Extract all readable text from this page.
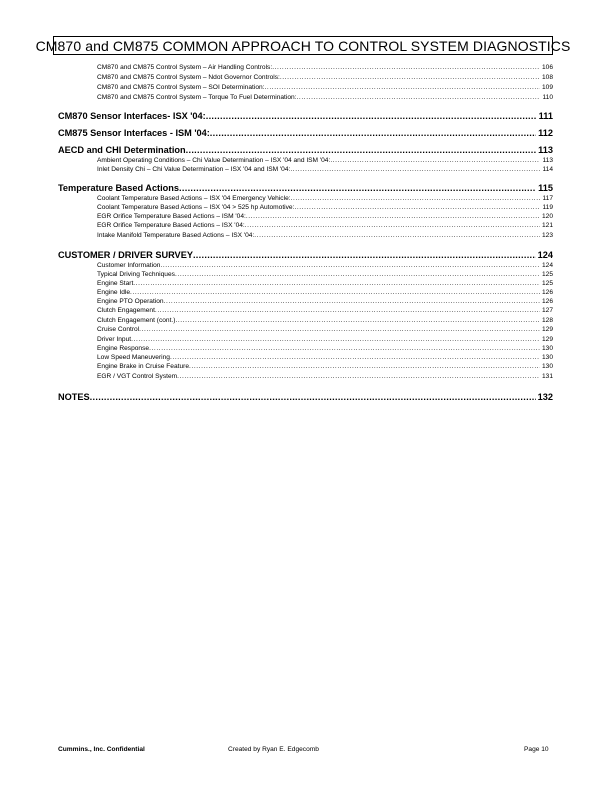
CM870 and CM875 COMMON APPROACH TO CONTROL SYSTEM DIAGNOSTICS
CM870 and CM875 Control System – Air Handling Controls: .....	106
CM870 and CM875 Control System – Ndot Governor Controls: .....	108
CM870 and CM875 Control System – SOI Determination: .....	109
CM870 and CM875 Control System – Torque To Fuel Determination: .....	110
CM870 Sensor Interfaces- ISX '04: .....	111
CM875 Sensor Interfaces - ISM '04: .....	112
AECD and CHI Determination .....	113
Ambient Operating Conditions – Chi Value Determination – ISX '04 and ISM '04: .....	113
Inlet Density Chi – Chi Value Determination – ISX '04 and ISM '04: .....	114
Temperature Based Actions .....	115
Coolant Temperature Based Actions – ISX '04 Emergency Vehicle: .....	117
Coolant Temperature Based Actions – ISX '04 > 525 hp Automotive: .....	119
EGR Orifice Temperature Based Actions – ISM '04: .....	120
EGR Orifice Temperature Based Actions – ISX '04: .....	121
Intake Manifold Temperature Based Actions – ISX '04: .....	123
CUSTOMER / DRIVER SURVEY .....	124
Customer Information .....	124
Typical Driving Techniques .....	125
Engine Start .....	125
Engine Idle .....	126
Engine PTO Operation .....	126
Clutch Engagement .....	127
Clutch Engagement (cont.) .....	128
Cruise Control .....	129
Driver Input .....	129
Engine Response .....	130
Low Speed Maneuvering .....	130
Engine Brake in Cruise Feature .....	130
EGR / VGT Control System .....	131
NOTES .....	132
Cummins., Inc. Confidential	Created by Ryan E. Edgecomb	Page 10
